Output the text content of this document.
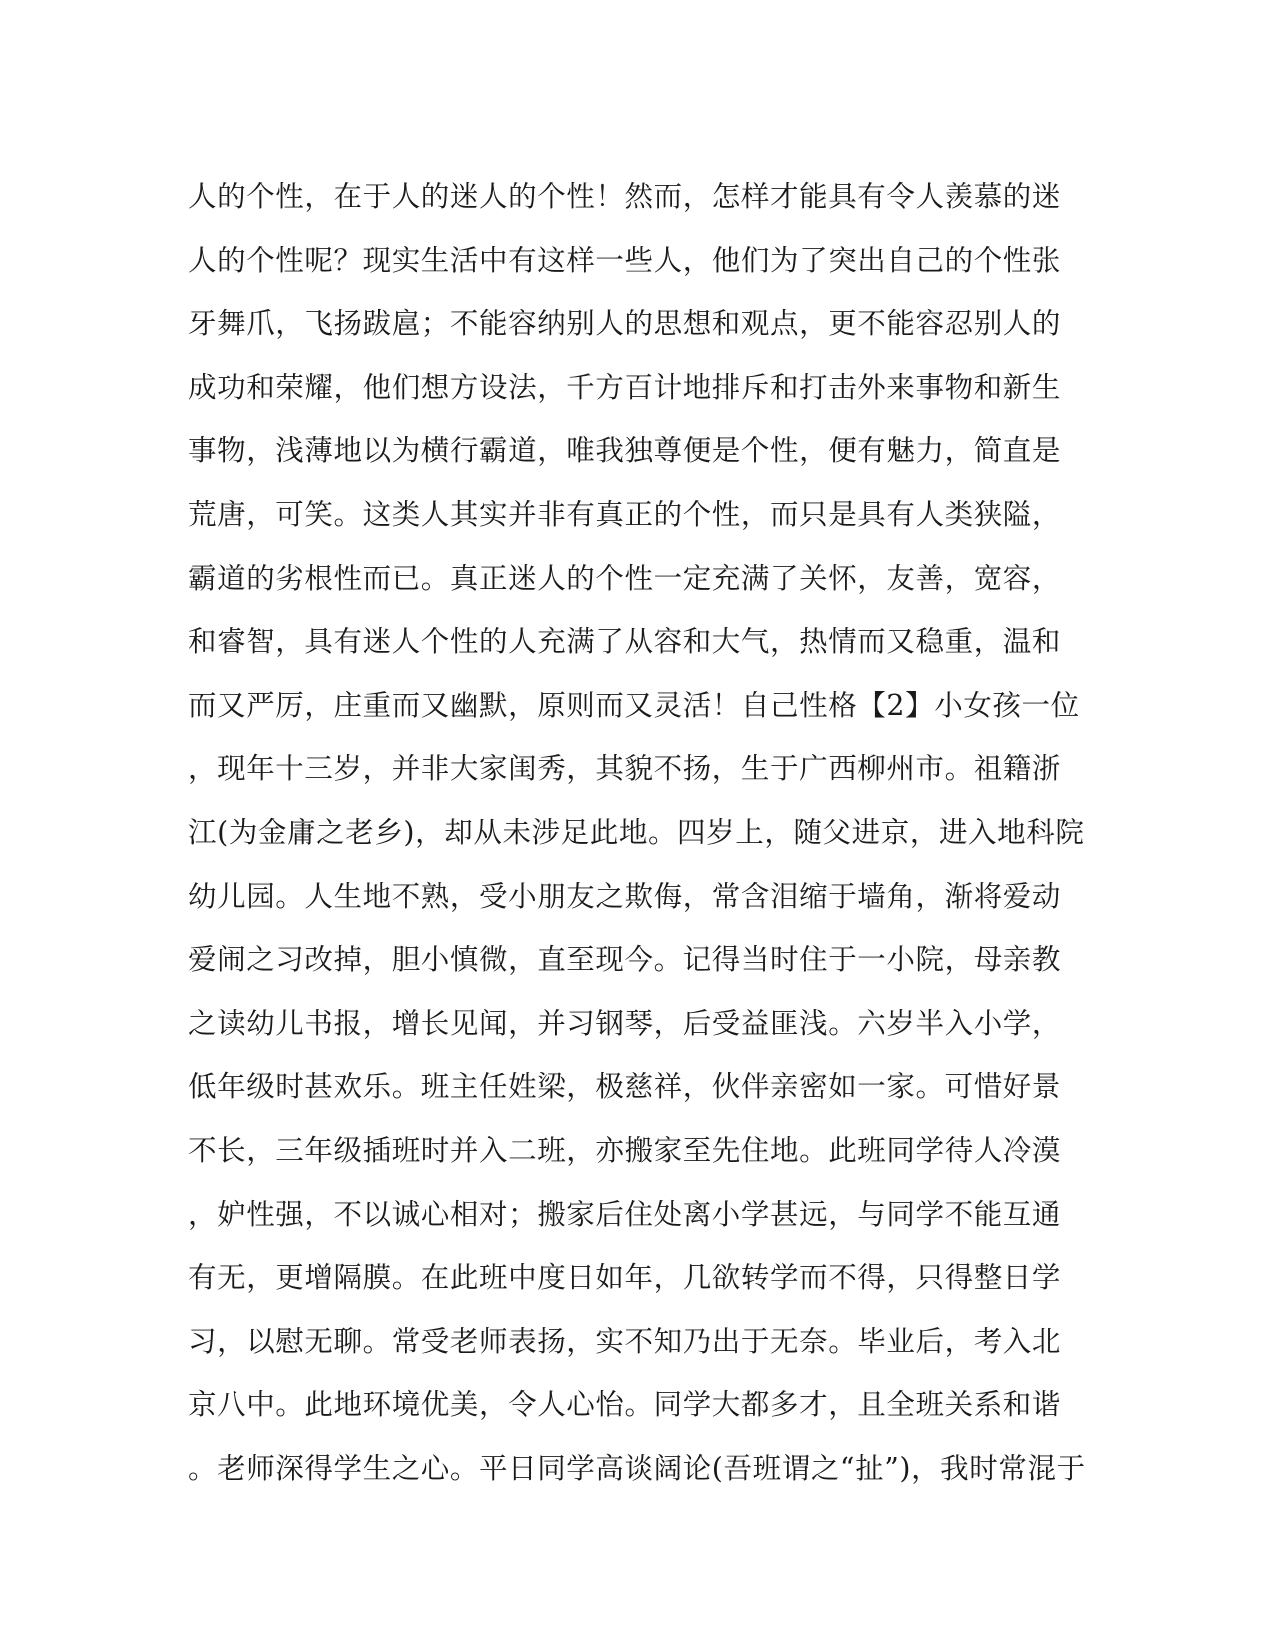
人的个性，在于人的迷人的个性！然而，怎样才能具有令人羡慕的迷
人的个性呢？现实生活中有这样一些人，他们为了突出自己的个性张
牙舞爪，飞扬跋扈；不能容纳别人的思想和观点，更不能容忍别人的
成功和荣耀，他们想方设法，千方百计地排斥和打击外来事物和新生
事物，浅薄地以为横行霸道，唯我独尊便是个性，便有魅力，简直是
荒唐，可笑。这类人其实并非有真正的个性，而只是具有人类狭隘，
霸道的劣根性而已。真正迷人的个性一定充满了关怀，友善，宽容，
和睿智，具有迷人个性的人充满了从容和大气，热情而又稳重，温和
而又严厉，庄重而又幽默，原则而又灵活！自己性格【2】小女孩一位
，现年十三岁，并非大家闺秀，其貌不扬，生于广西柳州市。祖籍浙
江(为金庸之老乡)，却从未涉足此地。四岁上，随父进京，进入地科院
幼儿园。人生地不熟，受小朋友之欺侮，常含泪缩于墙角，渐将爱动
爱闹之习改掉，胆小慎微，直至现今。记得当时住于一小院，母亲教
之读幼儿书报，增长见闻，并习钢琴，后受益匪浅。六岁半入小学，
低年级时甚欢乐。班主任姓梁，极慈祥，伙伴亲密如一家。可惜好景
不长，三年级插班时并入二班，亦搬家至先住地。此班同学待人冷漠
，妒性强，不以诚心相对；搬家后住处离小学甚远，与同学不能互通
有无，更增隔膜。在此班中度日如年，几欲转学而不得，只得整日学
习，以慰无聊。常受老师表扬，实不知乃出于无奈。毕业后，考入北
京八中。此地环境优美，令人心怡。同学大都多才，且全班关系和谐
。老师深得学生之心。平日同学高谈阔论(吾班谓之“扯”)，我时常混于
